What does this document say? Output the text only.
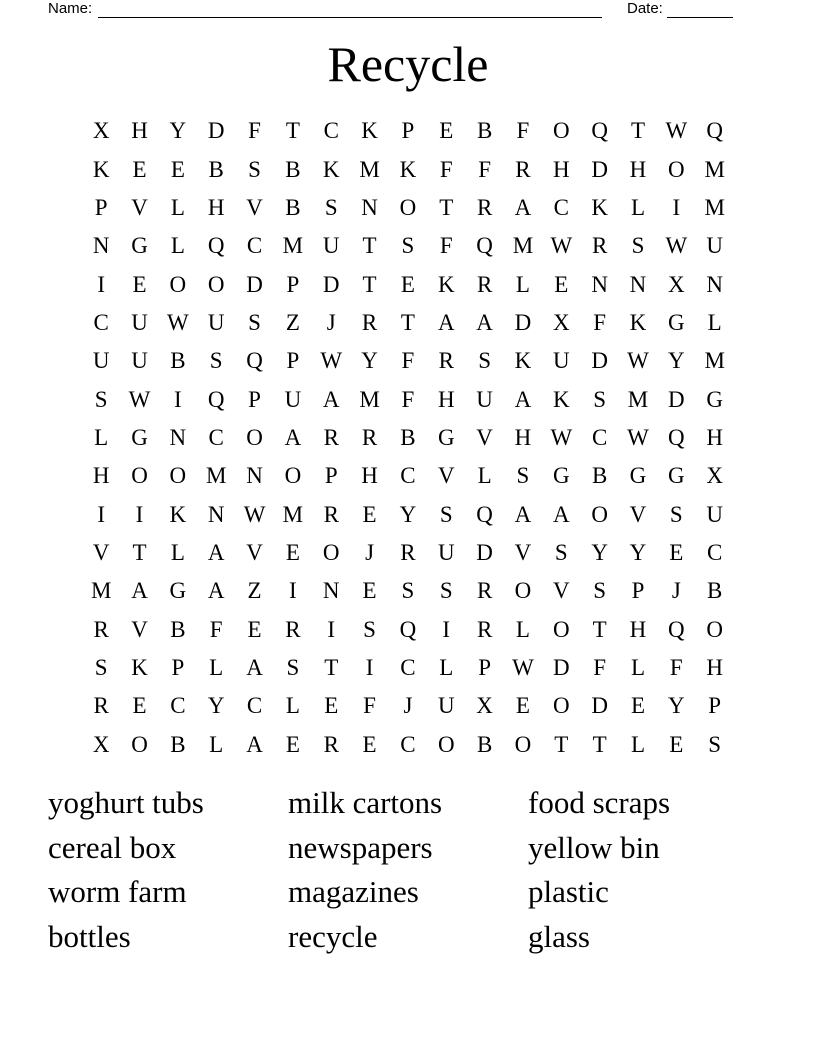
Name:	Date:
Recycle
X H Y D	F	T	C K	P	E	B	F	O Q	T W Q
K	E	E	B	S	B K M K	F	F	R H D H O M
P	V	L	H V B	S	N O	T	R A C K	L	I	M
N G	L	Q C M U	T	S	F	Q M W R	S W U
I	E	O O D	P	D	T	E	K R	L	E	N N X N
C U W U	S	Z	J	R	T	A A D X	F	K G	L
U U B	S	Q	P W Y	F	R	S	K U D W Y M
S W	I	Q	P	U A M F	H U A K	S M D G
L	G N C O A R	R	B G V H W C W Q H
H O O M N O	P	H C V	L	S	G B G G X
I	I	K N W M R	E	Y	S	Q A A O V	S	U
V	T	L	A V	E	O	J	R U D V	S	Y Y	E	C
M A G A	Z	I	N	E	S	S	R O V	S	P	J	B
R V B	F	E	R	I	S	Q	I	R	L	O	T	H Q O
S	K	P	L	A	S	T	I	C	L	P W D	F	L	F	H
R	E	C Y C	L	E	F	J	U X	E	O D	E	Y	P
X O B	L	A	E	R	E	C O B O	T	T	L	E	S
yoghurt tubs	milk cartons	food scraps
cereal box	newspapers	yellow bin
worm farm	magazines	plastic
bottles	recycle	glass
